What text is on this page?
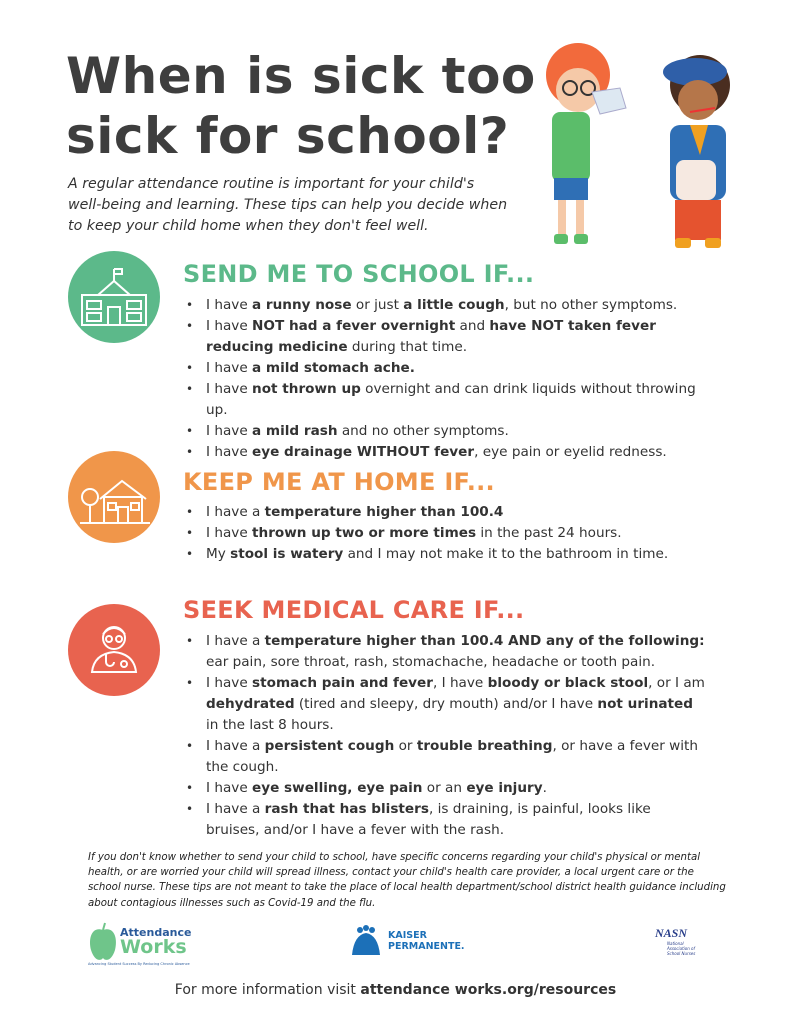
When is sick too
sick for school?
A regular attendance routine is important for your child's well-being and learning. These tips can help you decide when to keep your child home when they don't feel well.
SEND ME TO SCHOOL IF...
• I have a runny nose or just a little cough, but no other symptoms.
• I have NOT had a fever overnight and have NOT taken fever reducing medicine during that time.
• I have a mild stomach ache.
• I have not thrown up overnight and can drink liquids without throwing up.
• I have a mild rash and no other symptoms.
• I have eye drainage WITHOUT fever, eye pain or eyelid redness.
KEEP ME AT HOME IF...
• I have a temperature higher than 100.4
• I have thrown up two or more times in the past 24 hours.
• My stool is watery and I may not make it to the bathroom in time.
SEEK MEDICAL CARE IF...
• I have a temperature higher than 100.4 AND any of the following: ear pain, sore throat, rash, stomachache, headache or tooth pain.
• I have stomach pain and fever, I have bloody or black stool, or I am dehydrated (tired and sleepy, dry mouth) and/or I have not urinated in the last 8 hours.
• I have a persistent cough or trouble breathing, or have a fever with the cough.
• I have eye swelling, eye pain or an eye injury.
• I have a rash that has blisters, is draining, is painful, looks like bruises, and/or I have a fever with the rash.
If you don't know whether to send your child to school, have specific concerns regarding your child's physical or mental health, or are worried your child will spread illness, contact your child's health care provider, a local urgent care or the school nurse. These tips are not meant to take the place of local health department/school district health guidance including about contagious illnesses such as Covid-19 and the flu.
Attendance
Works
Advancing Student Success By Reducing Chronic Absence
KAISER
PERMANENTE.
NASN
National
Association of
School Nurses
For more information visit attendance works.org/resources
